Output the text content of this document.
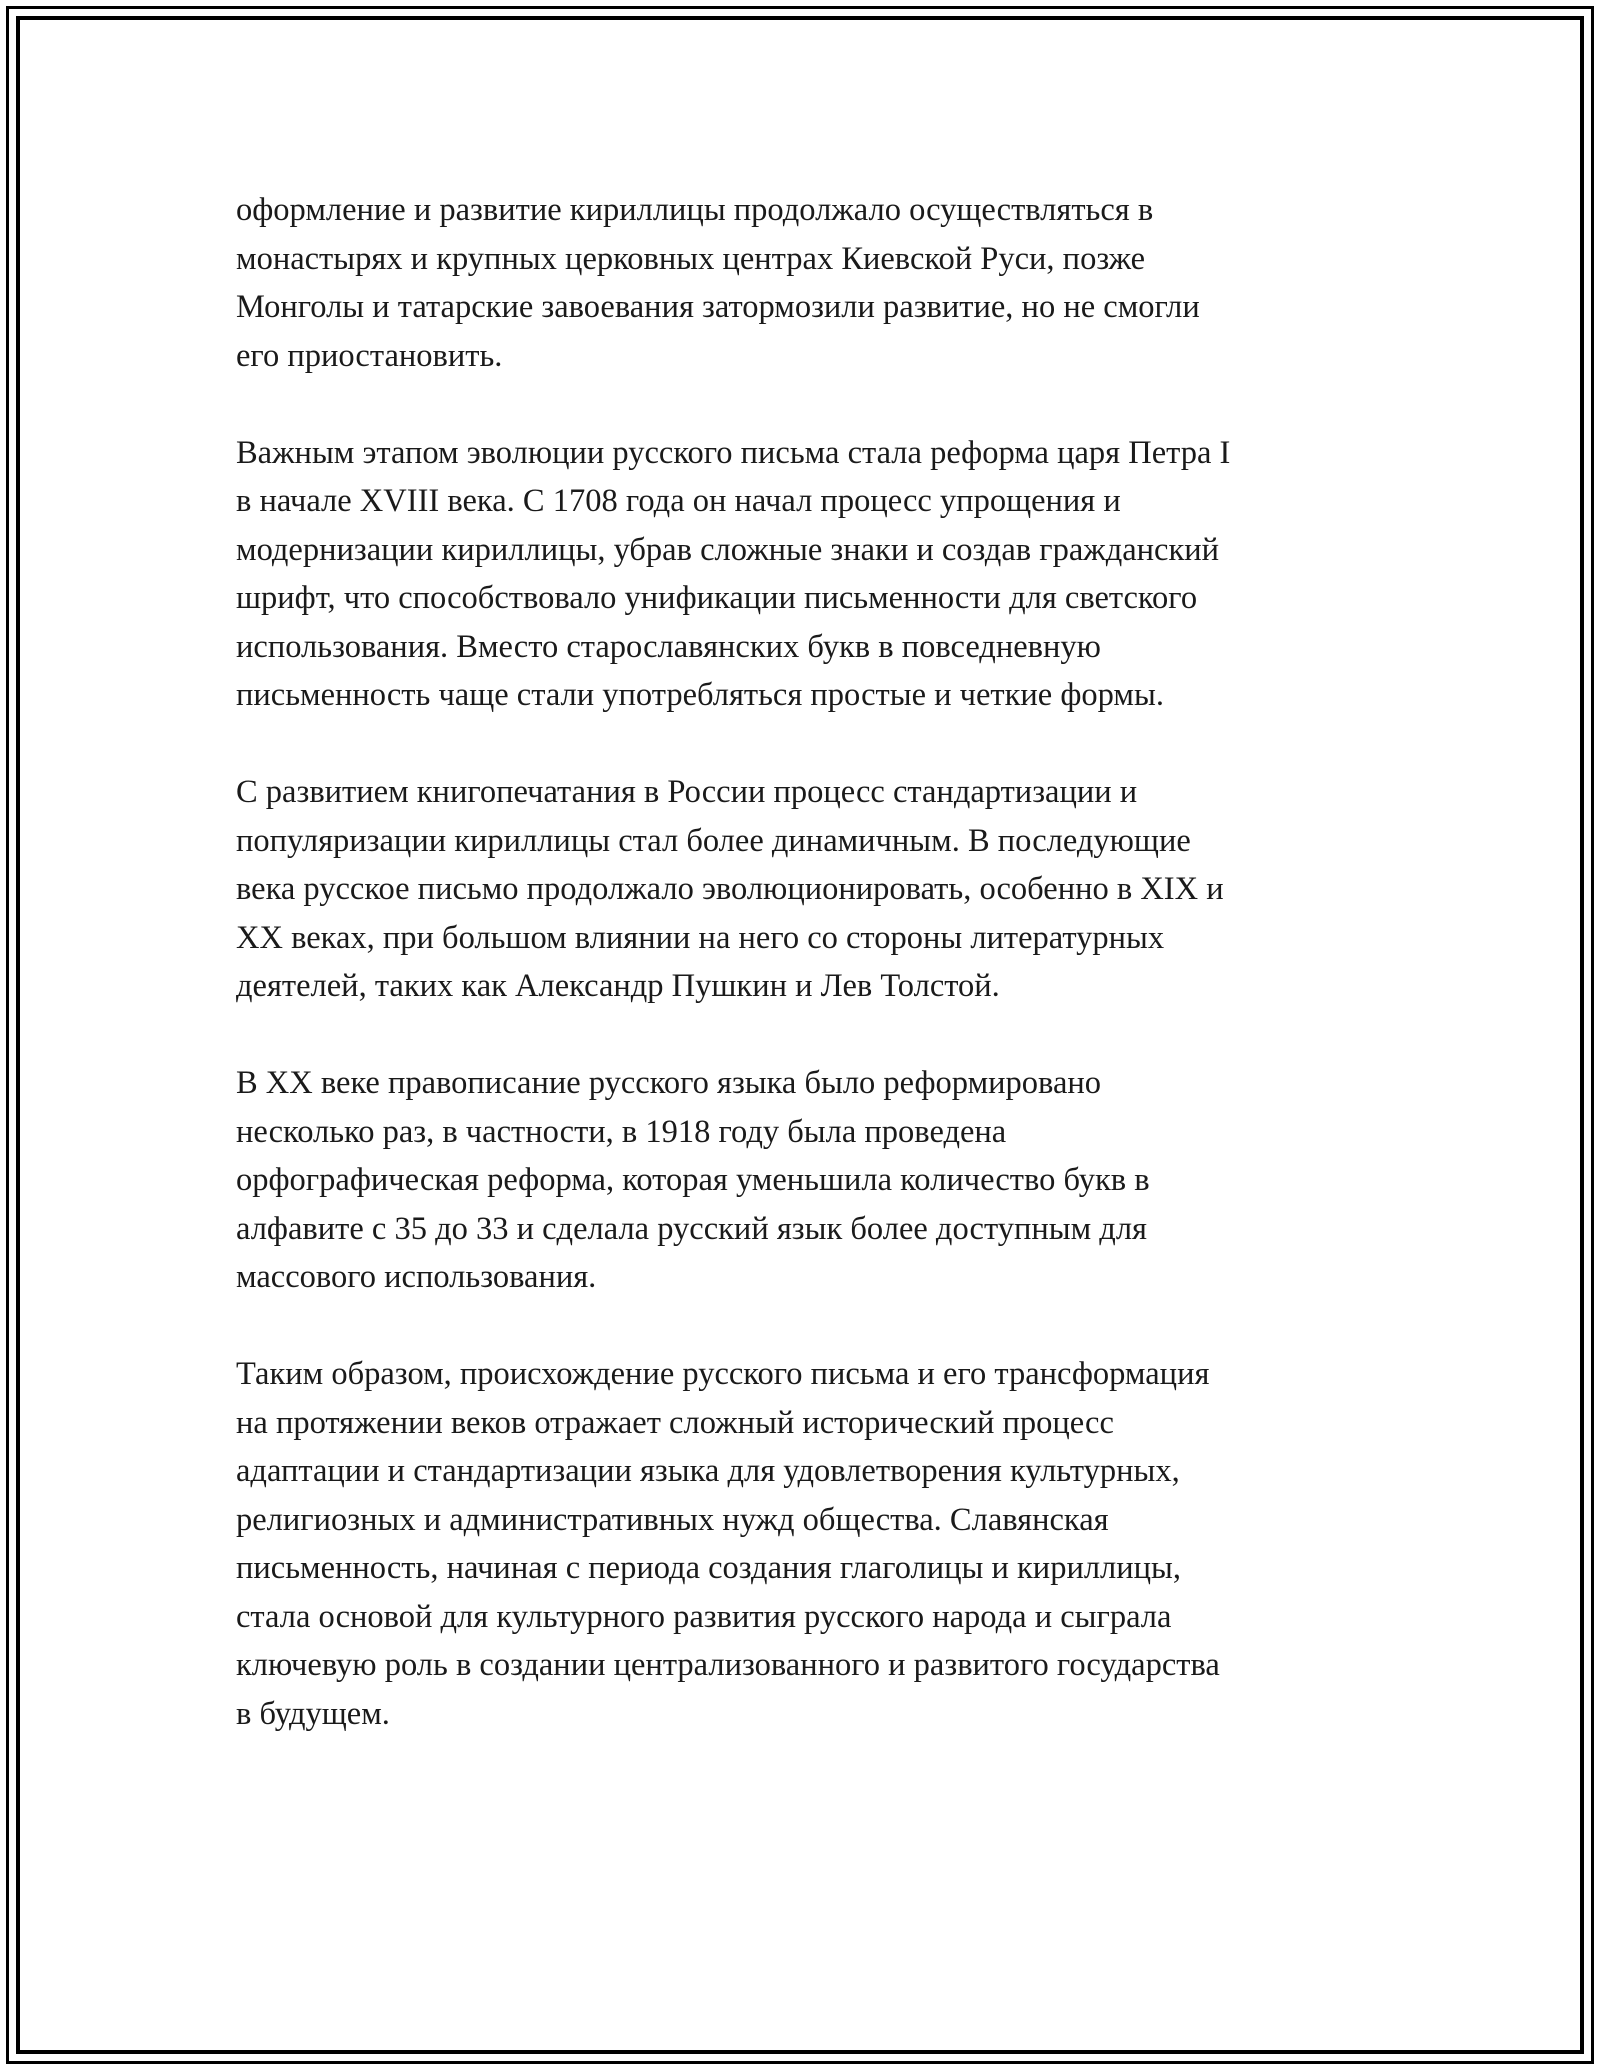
оформление и развитие кириллицы продолжало осуществляться в
монастырях и крупных церковных центрах Киевской Руси, позже
Монголы и татарские завоевания затормозили развитие, но не смогли
его приостановить.

Важным этапом эволюции русского письма стала реформа царя Петра I
в начале XVIII века. С 1708 года он начал процесс упрощения и
модернизации кириллицы, убрав сложные знаки и создав гражданский
шрифт, что способствовало унификации письменности для светского
использования. Вместо старославянских букв в повседневную
письменность чаще стали употребляться простые и четкие формы.

С развитием книгопечатания в России процесс стандартизации и
популяризации кириллицы стал более динамичным. В последующие
века русское письмо продолжало эволюционировать, особенно в XIX и
XX веках, при большом влиянии на него со стороны литературных
деятелей, таких как Александр Пушкин и Лев Толстой.

В XX веке правописание русского языка было реформировано
несколько раз, в частности, в 1918 году была проведена
орфографическая реформа, которая уменьшила количество букв в
алфавите с 35 до 33 и сделала русский язык более доступным для
массового использования.

Таким образом, происхождение русского письма и его трансформация
на протяжении веков отражает сложный исторический процесс
адаптации и стандартизации языка для удовлетворения культурных,
религиозных и административных нужд общества. Славянская
письменность, начиная с периода создания глаголицы и кириллицы,
стала основой для культурного развития русского народа и сыграла
ключевую роль в создании централизованного и развитого государства
в будущем.
